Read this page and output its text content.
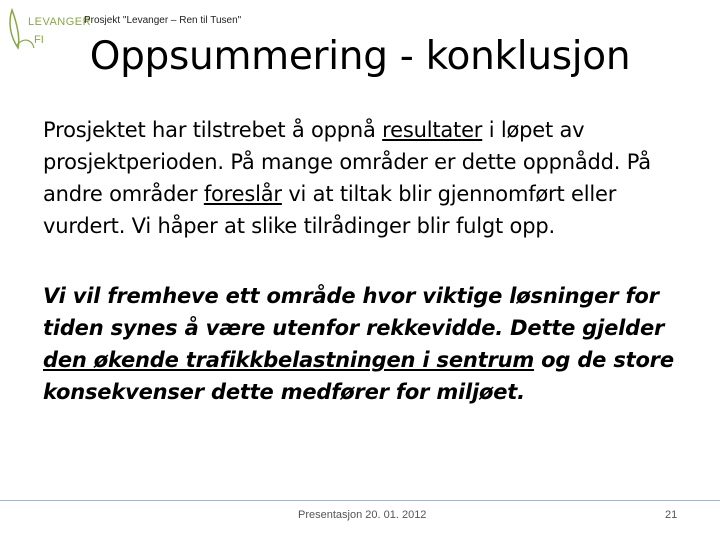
LEVANGER
FI
Prosjekt "Levanger – Ren til Tusen"
Oppsummering - konklusjon
Prosjektet har tilstrebet å oppnå resultater i løpet av prosjektperioden. På mange områder er dette oppnådd. På andre områder foreslår vi at tiltak blir gjennomført eller vurdert. Vi håper at slike tilrådinger blir fulgt opp.
Vi vil fremheve ett område hvor viktige løsninger for tiden synes å være utenfor rekkevidde. Dette gjelder den økende trafikkbelastningen i sentrum og de store konsekvenser dette medfører for miljøet.
Presentasjon 20. 01. 2012	21
